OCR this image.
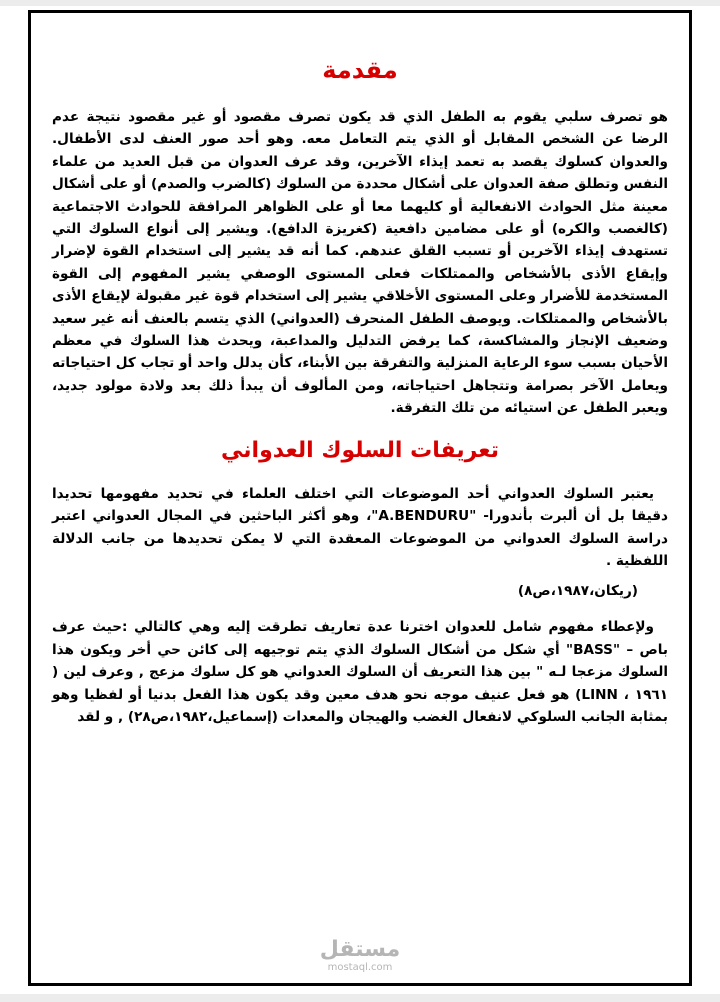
مقدمة

هو تصرف سلبي يقوم به الطفل الذي قد يكون تصرف مقصود أو غير مقصود نتيجة عدم الرضا عن الشخص المقابل أو الذي يتم التعامل معه. وهو أحد صور العنف لدى الأطفال. والعدوان كسلوك يقصد به تعمد إيذاء الآخرين، وقد عرف العدوان من قبل العديد من علماء النفس وتطلق صفة العدوان على أشكال محددة من السلوك (كالضرب والصدم) أو على أشكال معينة مثل الحوادث الانفعالية أو كليهما معا أو على الظواهر المرافقة للحوادث الاجتماعية (كالغصب والكره) أو على مضامين دافعية (كغريزة الدافع). ويشير إلى أنواع السلوك التي تستهدف إيذاء الآخرين أو تسبب القلق عندهم. كما أنه قد يشير إلى استخدام القوة لإضرار وإيقاع الأذى بالأشخاص والممتلكات فعلى المستوى الوصفي يشير المفهوم إلى القوة المستخدمة للأضرار وعلى المستوى الأخلاقي يشير إلى استخدام قوة غير مقبولة لإيقاع الأذى بالأشخاص والممتلكات. ويوصف الطفل المنحرف (العدواني) الذي يتسم بالعنف أنه غير سعيد وضعيف الإنجاز والمشاكسة، كما يرفض التدليل والمداعبة، ويحدث هذا السلوك في معظم الأحيان بسبب سوء الرعاية المنزلية والتفرقة بين الأبناء، كأن يدلل واحد أو تجاب كل احتياجاته ويعامل الآخر بصرامة وتتجاهل احتياجاته، ومن المألوف أن يبدأ ذلك بعد ولادة مولود جديد، ويعبر الطفل عن استيائه من تلك التفرقة.

تعريفات السلوك العدواني

يعتبر السلوك العدواني أحد الموضوعات التي اختلف العلماء في تحديد مفهومها تحديدا دقيقا بل أن ألبرت بأندورا- "A.BENDURU"، وهو أكثر الباحثين في المجال العدواني اعتبر دراسة السلوك العدواني من الموضوعات المعقدة التي لا يمكن تحديدها من جانب الدلالة اللفظية .

(ريكان،١٩٨٧،ص٨)

ولإعطاء مفهوم شامل للعدوان اخترنا عدة تعاريف تطرقت إليه وهي كالتالي :حيث عرف باص – "BASS" أي شكل من أشكال السلوك الذي يتم توجيهه إلى كائن حي أخر ويكون هذا السلوك مزعجا لـه " بين هذا التعريف أن السلوك العدواني هو كل سلوك مزعج , وعرف لين ( ١٩٦١ ، LINN) هو فعل عنيف موجه نحو هدف معين وقد يكون هذا الفعل بدنيا أو لفظيا وهو بمثابة الجانب السلوكي لانفعال الغضب والهيجان والمعدات (إسماعيل،١٩٨٢،ص٢٨) , و لقد

مستقل
mostaql.com
